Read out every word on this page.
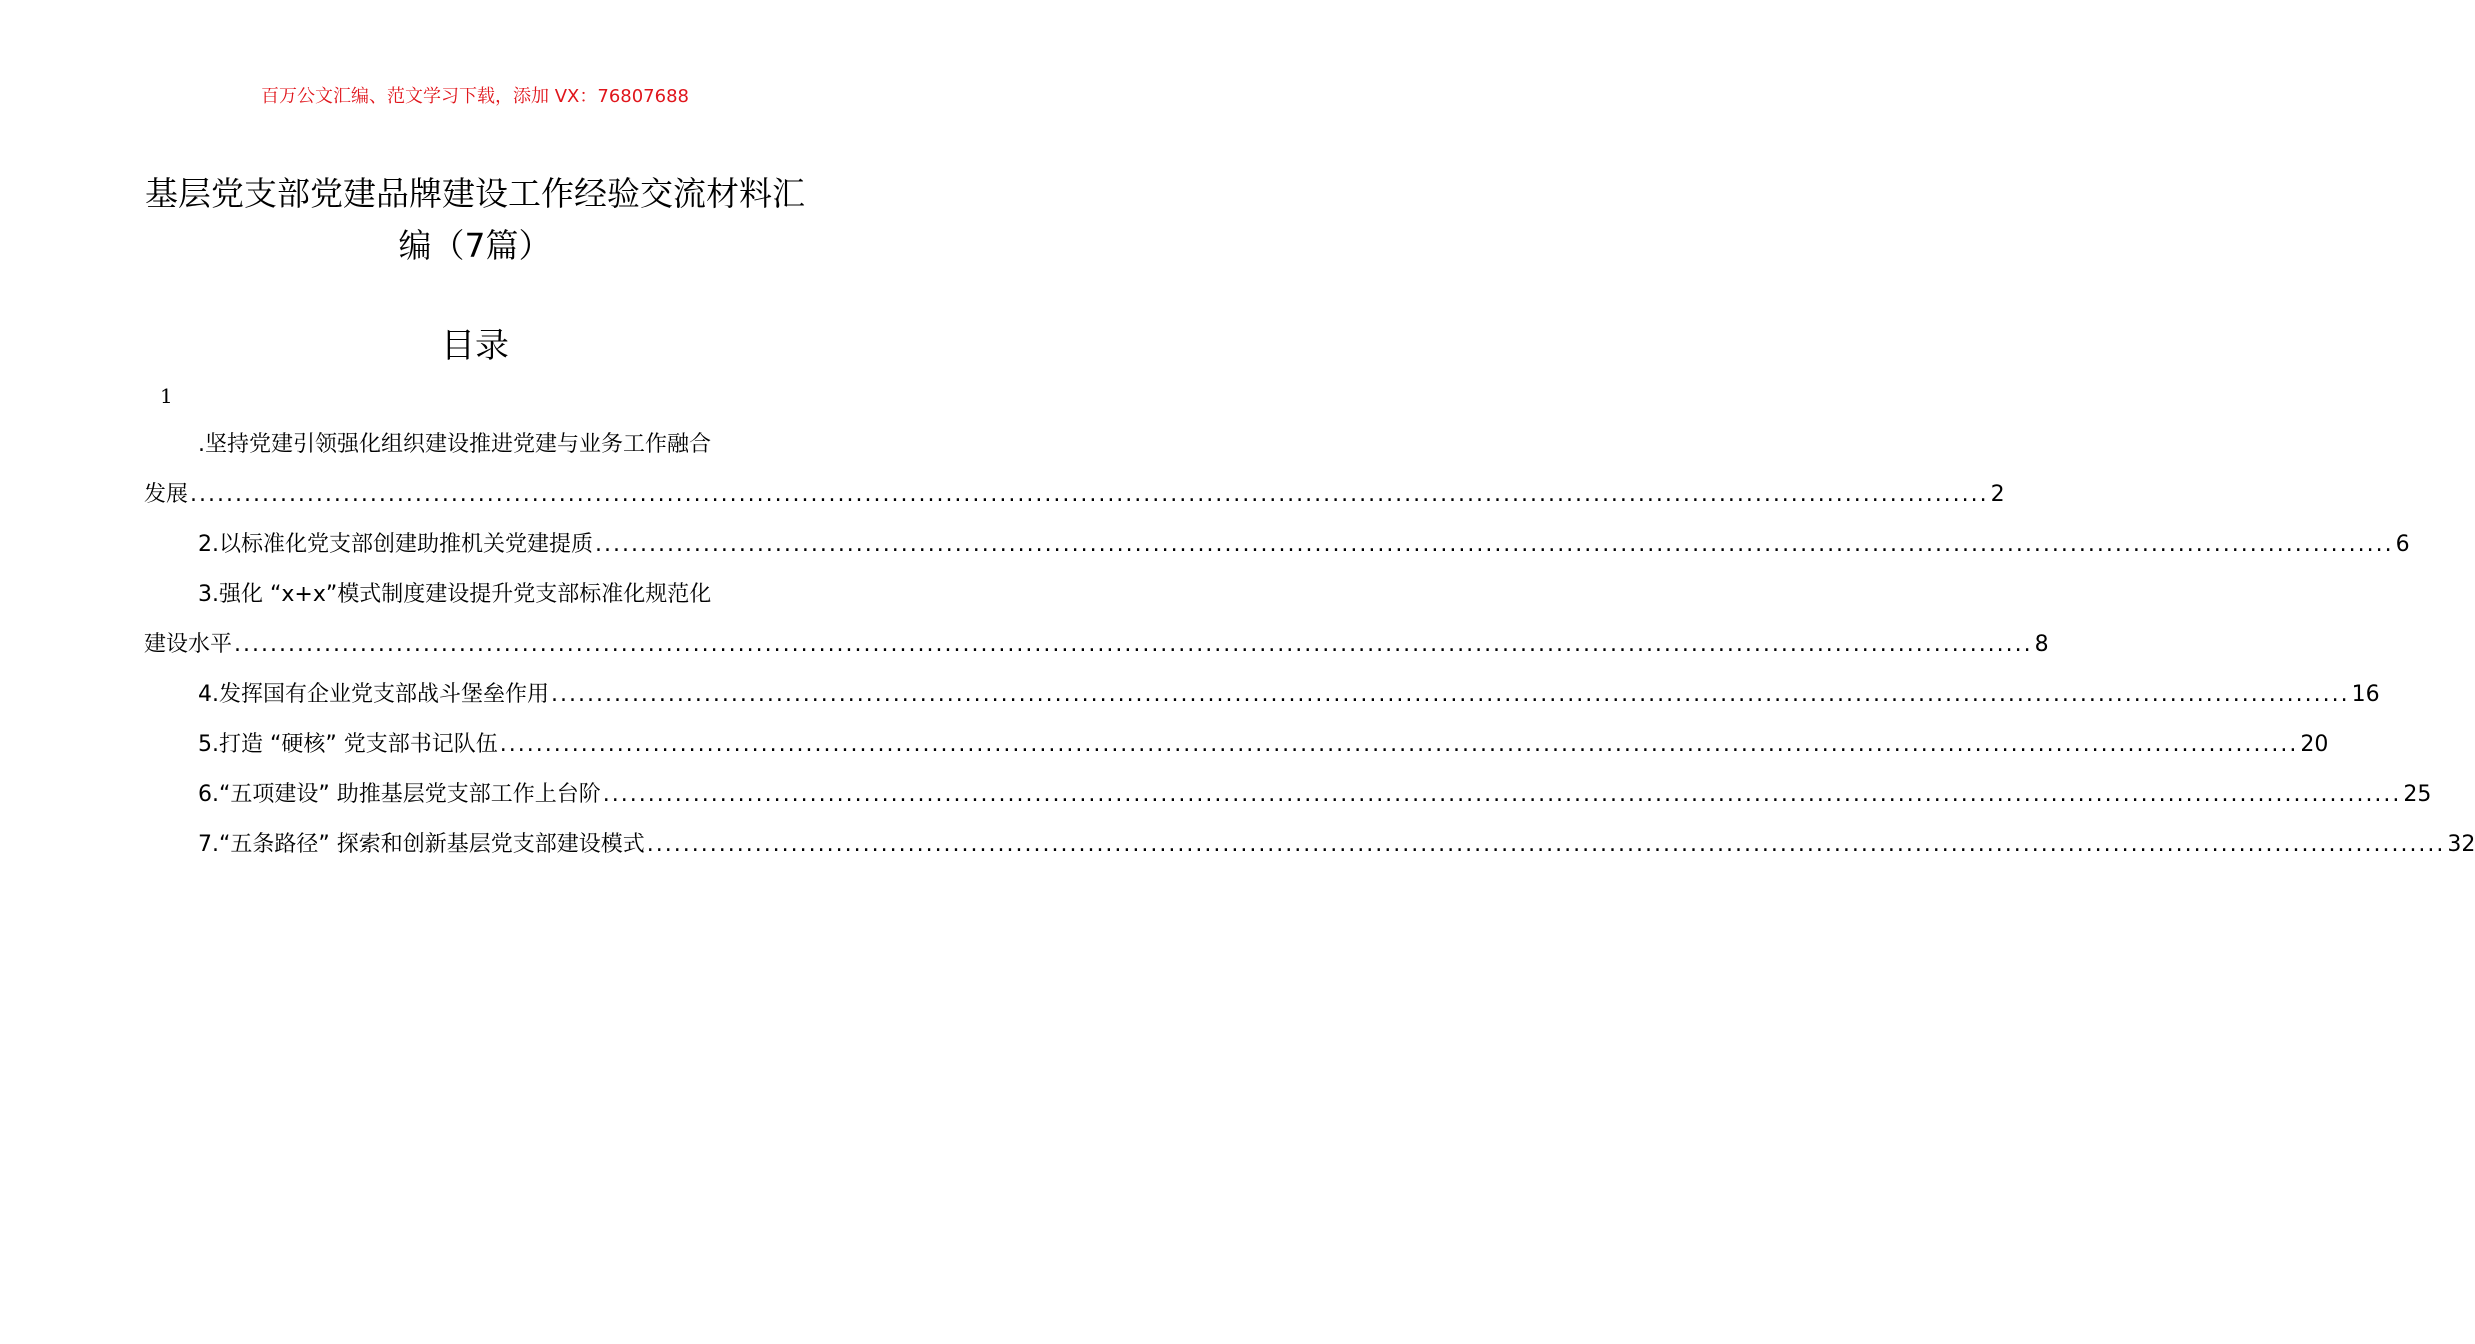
百万公文汇编、范文学习下载，添加 VX：76807688
基层党支部党建品牌建设工作经验交流材料汇编（7篇）
目录
1
.坚持党建引领强化组织建设推进党建与业务工作融合
发展 ........................................................................................................................................................................................................ 2
2.以标准化党支部创建助推机关党建提质 ........................................................................................................................................................................................................ 6
3.强化 “x+x”模式制度建设提升党支部标准化规范化
建设水平 ........................................................................................................................................................................................................ 8
4.发挥国有企业党支部战斗堡垒作用 ........................................................................................................................................................................................................ 16
5.打造 “硬核” 党支部书记队伍 ........................................................................................................................................................................................................ 20
6.“五项建设” 助推基层党支部工作上台阶 ........................................................................................................................................................................................................ 25
7.“五条路径” 探索和创新基层党支部建设模式 ........................................................................................................................................................................................................ 32
